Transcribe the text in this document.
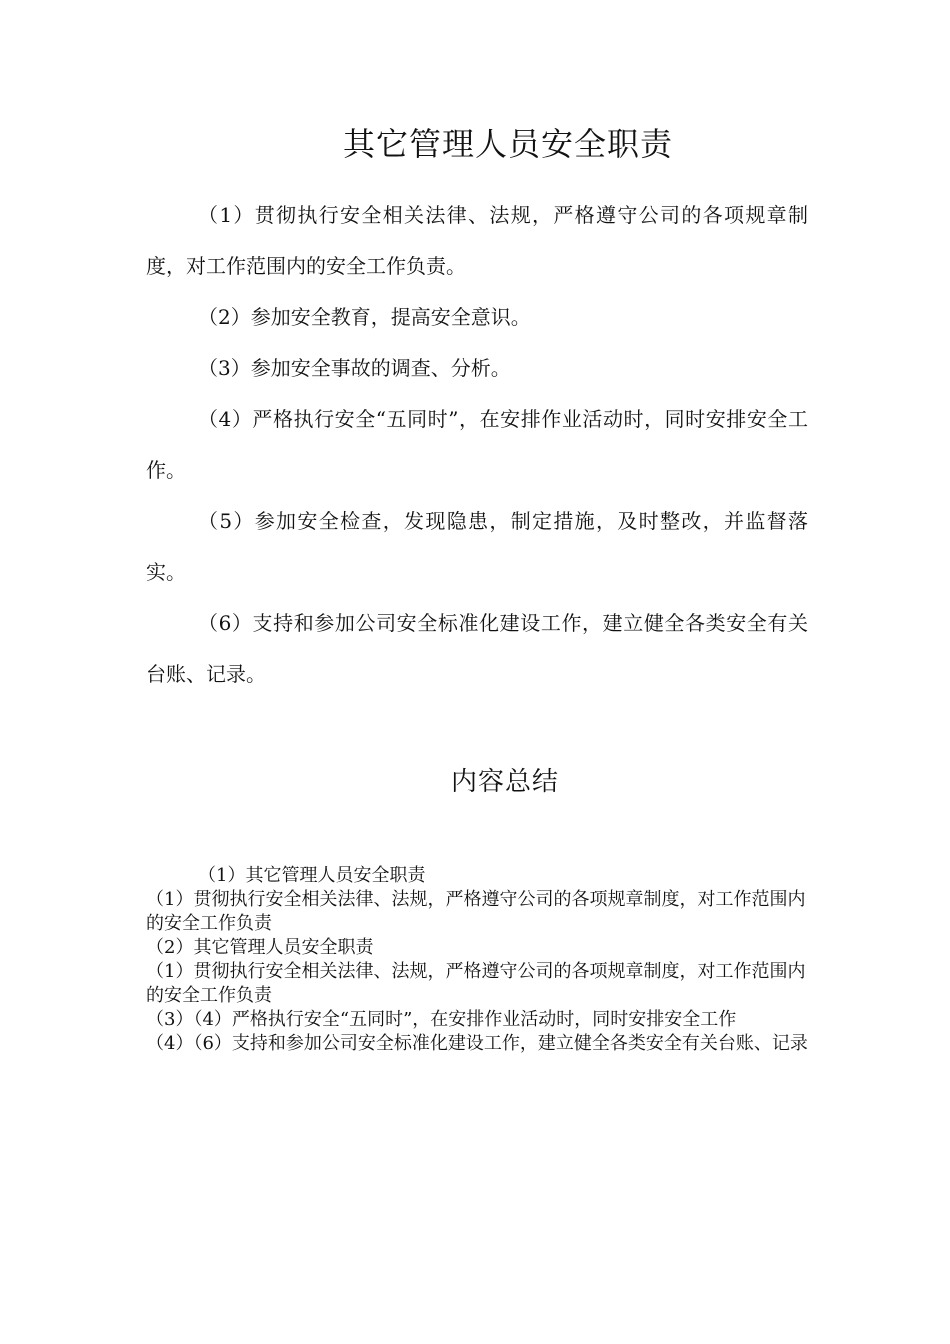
其它管理人员安全职责

（1）贯彻执行安全相关法律、法规，严格遵守公司的各项规章制度，对工作范围内的安全工作负责。

（2）参加安全教育，提高安全意识。

（3）参加安全事故的调查、分析。

（4）严格执行安全“五同时”，在安排作业活动时，同时安排安全工作。

（5）参加安全检查，发现隐患，制定措施，及时整改，并监督落实。

（6）支持和参加公司安全标准化建设工作，建立健全各类安全有关台账、记录。

内容总结

（1）其它管理人员安全职责

（1）贯彻执行安全相关法律、法规，严格遵守公司的各项规章制度，对工作范围内的安全工作负责

（2）其它管理人员安全职责

（1）贯彻执行安全相关法律、法规，严格遵守公司的各项规章制度，对工作范围内的安全工作负责

（3）（4）严格执行安全“五同时”，在安排作业活动时，同时安排安全工作

（4）（6）支持和参加公司安全标准化建设工作，建立健全各类安全有关台账、记录
